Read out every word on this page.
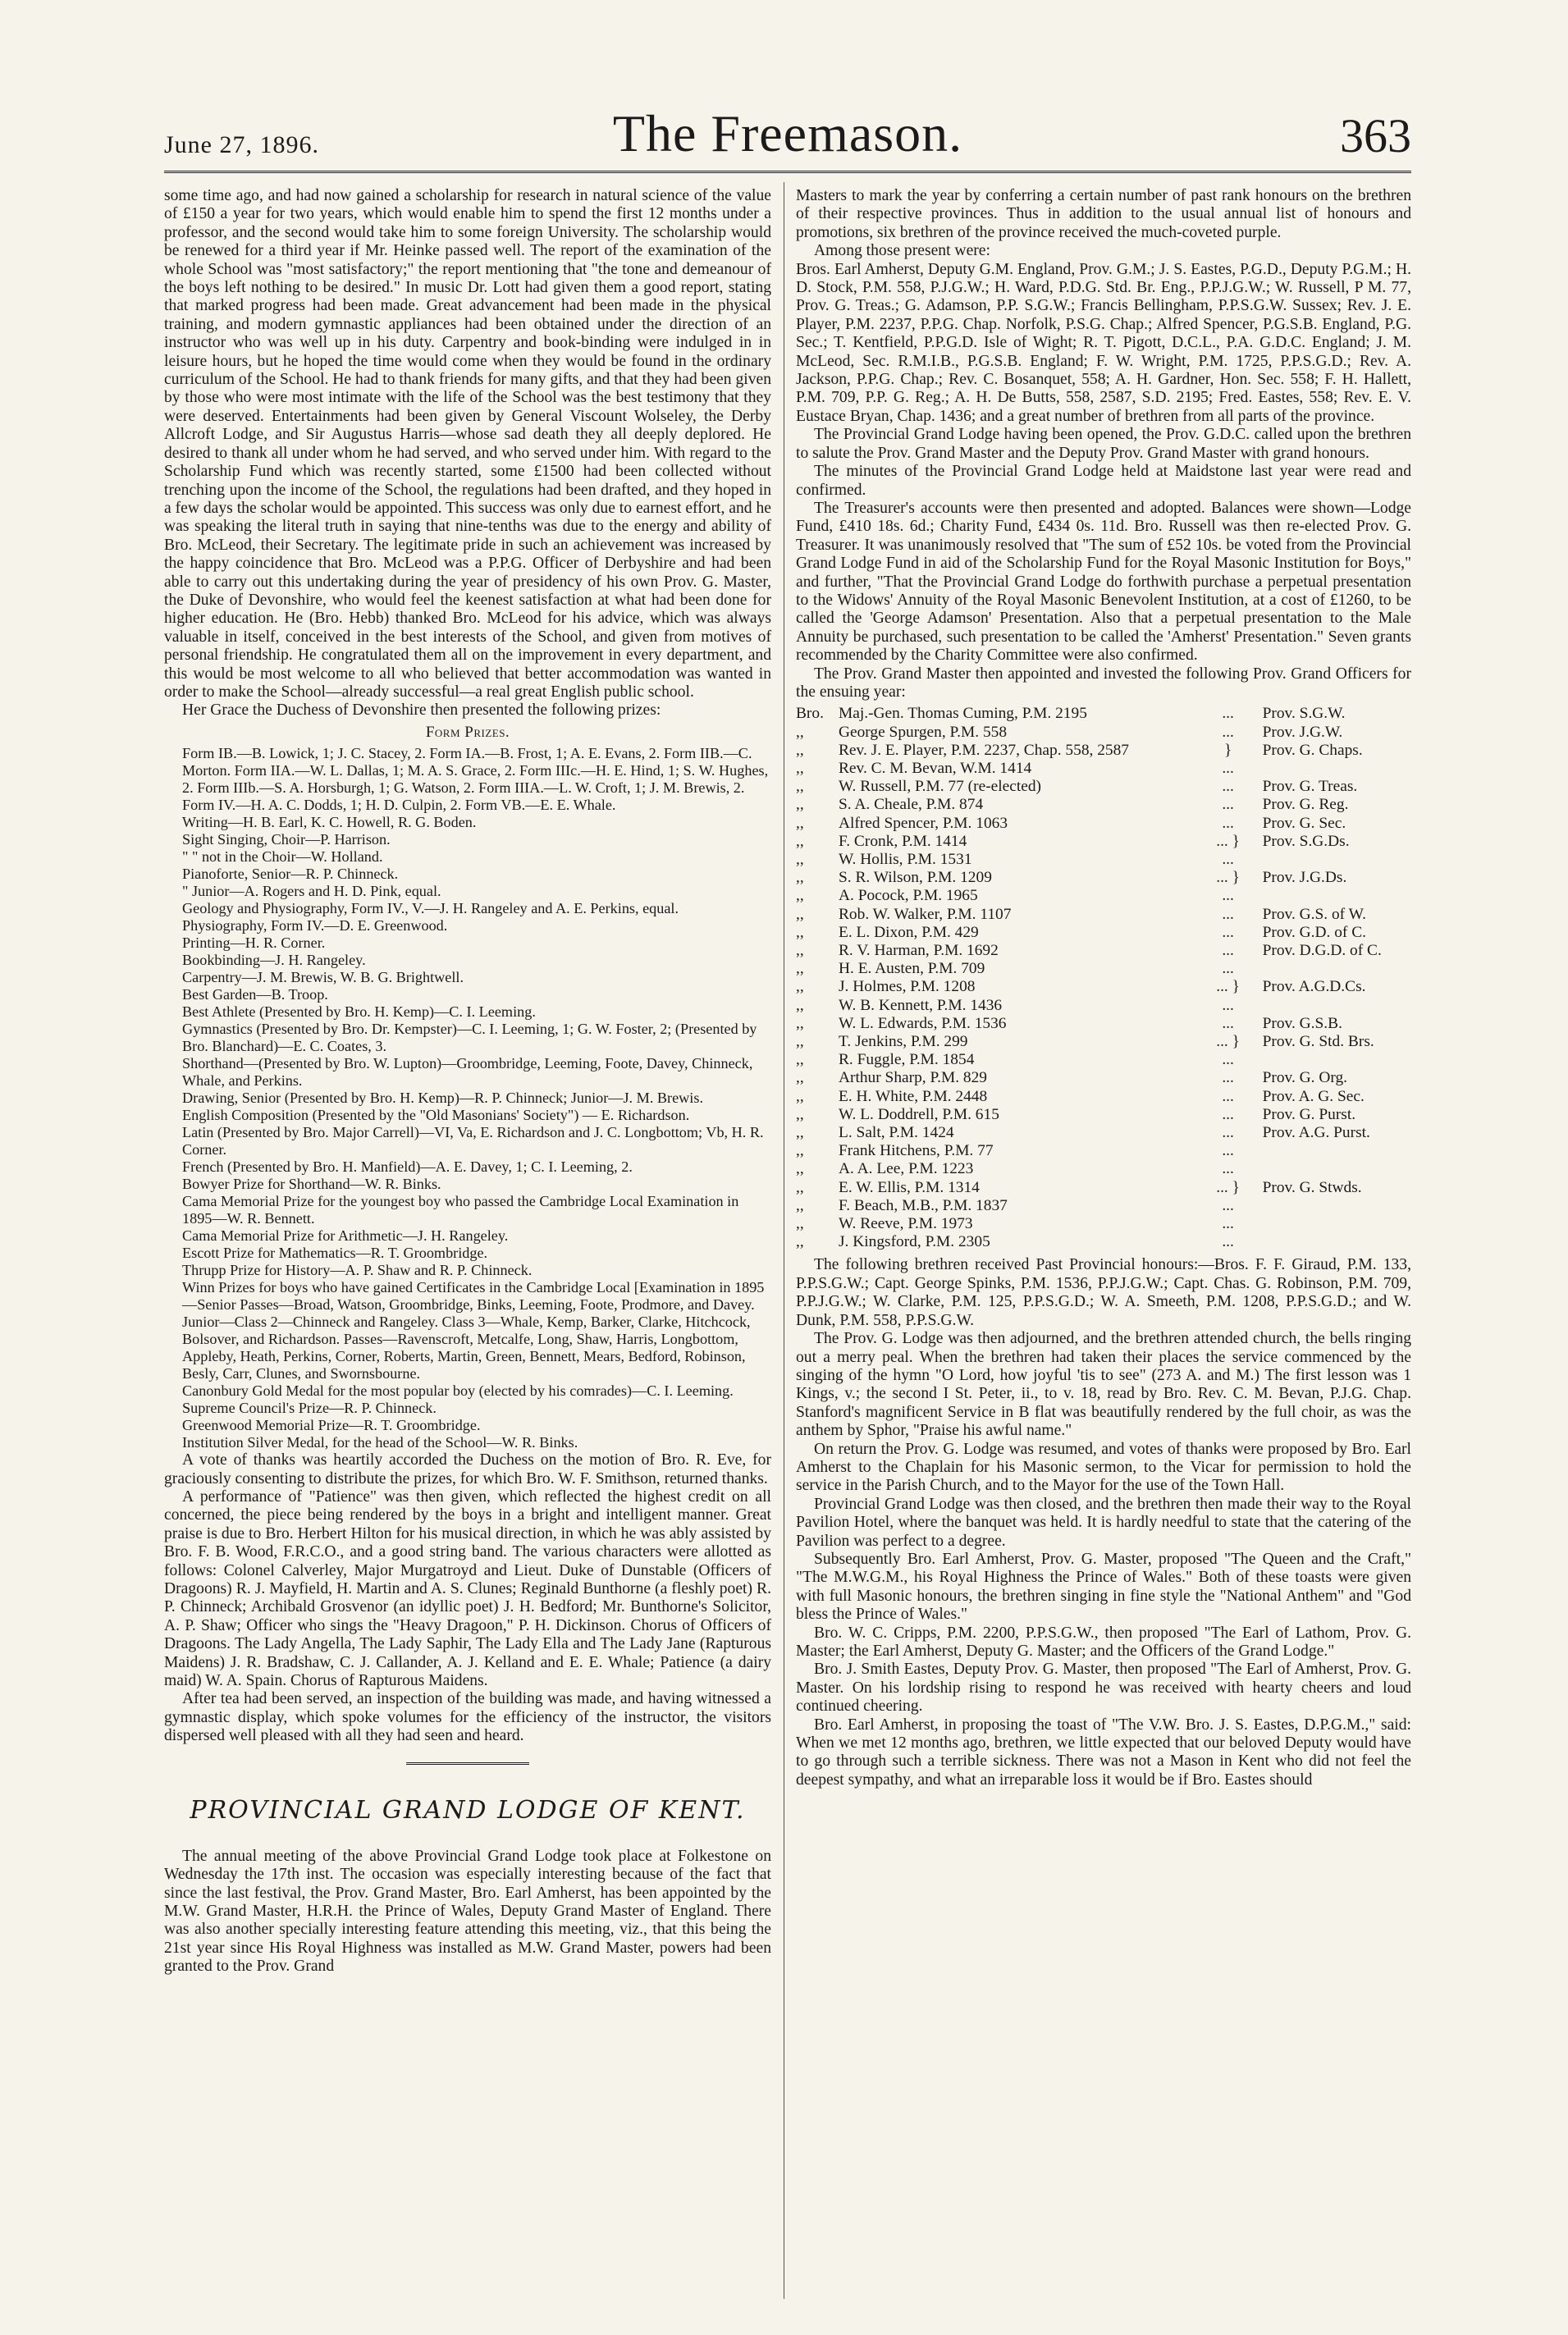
June 27, 1896.	The Freemason.	363

some time ago, and had now gained a scholarship for research in natural science of the value of £150 a year for two years, which would enable him to spend the first 12 months under a professor, and the second would take him to some foreign University. The scholarship would be renewed for a third year if Mr. Heinke passed well. The report of the examination of the whole School was "most satisfactory;" the report mentioning that "the tone and demeanour of the boys left nothing to be desired." In music Dr. Lott had given them a good report, stating that marked progress had been made. Great advancement had been made in the physical training, and modern gymnastic appliances had been obtained under the direction of an instructor who was well up in his duty. Carpentry and book-binding were indulged in in leisure hours, but he hoped the time would come when they would be found in the ordinary curriculum of the School. He had to thank friends for many gifts, and that they had been given by those who were most intimate with the life of the School was the best testimony that they were deserved. Entertainments had been given by General Viscount Wolseley, the Derby Allcroft Lodge, and Sir Augustus Harris—whose sad death they all deeply deplored. He desired to thank all under whom he had served, and who served under him. With regard to the Scholarship Fund which was recently started, some £1500 had been collected without trenching upon the income of the School, the regulations had been drafted, and they hoped in a few days the scholar would be appointed. This success was only due to earnest effort, and he was speaking the literal truth in saying that nine-tenths was due to the energy and ability of Bro. McLeod, their Secretary. The legitimate pride in such an achievement was increased by the happy coincidence that Bro. McLeod was a P.P.G. Officer of Derbyshire and had been able to carry out this undertaking during the year of presidency of his own Prov. G. Master, the Duke of Devonshire, who would feel the keenest satisfaction at what had been done for higher education. He (Bro. Hebb) thanked Bro. McLeod for his advice, which was always valuable in itself, conceived in the best interests of the School, and given from motives of personal friendship. He congratulated them all on the improvement in every department, and this would be most welcome to all who believed that better accommodation was wanted in order to make the School—already successful—a real great English public school.

Her Grace the Duchess of Devonshire then presented the following prizes:

Form Prizes.

Form IB.—B. Lowick, 1; J. C. Stacey, 2. Form IA.—B. Frost, 1; A. E. Evans, 2. Form IIB.—C. Morton. Form IIA.—W. L. Dallas, 1; M. A. S. Grace, 2. Form IIIc.—H. E. Hind, 1; S. W. Hughes, 2. Form IIIb.—S. A. Horsburgh, 1; G. Watson, 2. Form IIIA.—L. W. Croft, 1; J. M. Brewis, 2. Form IV.—H. A. C. Dodds, 1; H. D. Culpin, 2. Form VB.—E. E. Whale.

Writing—H. B. Earl, K. C. Howell, R. G. Boden.

Sight Singing, Choir—P. Harrison.

" " not in the Choir—W. Holland.

Pianoforte, Senior—R. P. Chinneck.

" Junior—A. Rogers and H. D. Pink, equal.

Geology and Physiography, Form IV., V.—J. H. Rangeley and A. E. Perkins, equal.

Physiography, Form IV.—D. E. Greenwood.

Printing—H. R. Corner.

Bookbinding—J. H. Rangeley.

Carpentry—J. M. Brewis, W. B. G. Brightwell.

Best Garden—B. Troop.

Best Athlete (Presented by Bro. H. Kemp)—C. I. Leeming.

Gymnastics (Presented by Bro. Dr. Kempster)—C. I. Leeming, 1; G. W. Foster, 2; (Presented by Bro. Blanchard)—E. C. Coates, 3.

Shorthand—(Presented by Bro. W. Lupton)—Groombridge, Leeming, Foote, Davey, Chinneck, Whale, and Perkins.

Drawing, Senior (Presented by Bro. H. Kemp)—R. P. Chinneck; Junior—J. M. Brewis.

English Composition (Presented by the "Old Masonians' Society") — E. Richardson.

Latin (Presented by Bro. Major Carrell)—VI, Va, E. Richardson and J. C. Longbottom; Vb, H. R. Corner.

French (Presented by Bro. H. Manfield)—A. E. Davey, 1; C. I. Leeming, 2.

Bowyer Prize for Shorthand—W. R. Binks.

Cama Memorial Prize for the youngest boy who passed the Cambridge Local Examination in 1895—W. R. Bennett.

Cama Memorial Prize for Arithmetic—J. H. Rangeley.

Escott Prize for Mathematics—R. T. Groombridge.

Thrupp Prize for History—A. P. Shaw and R. P. Chinneck.

Winn Prizes for boys who have gained Certificates in the Cambridge Local [Examination in 1895—Senior Passes—Broad, Watson, Groombridge, Binks, Leeming, Foote, Prodmore, and Davey. Junior—Class 2—Chinneck and Rangeley. Class 3—Whale, Kemp, Barker, Clarke, Hitchcock, Bolsover, and Richardson. Passes—Ravenscroft, Metcalfe, Long, Shaw, Harris, Longbottom, Appleby, Heath, Perkins, Corner, Roberts, Martin, Green, Bennett, Mears, Bedford, Robinson, Besly, Carr, Clunes, and Swornsbourne.

Canonbury Gold Medal for the most popular boy (elected by his comrades)—C. I. Leeming.

Supreme Council's Prize—R. P. Chinneck.

Greenwood Memorial Prize—R. T. Groombridge.

Institution Silver Medal, for the head of the School—W. R. Binks.

A vote of thanks was heartily accorded the Duchess on the motion of Bro. R. Eve, for graciously consenting to distribute the prizes, for which Bro. W. F. Smithson, returned thanks.

A performance of "Patience" was then given, which reflected the highest credit on all concerned, the piece being rendered by the boys in a bright and intelligent manner. Great praise is due to Bro. Herbert Hilton for his musical direction, in which he was ably assisted by Bro. F. B. Wood, F.R.C.O., and a good string band. The various characters were allotted as follows: Colonel Calverley, Major Murgatroyd and Lieut. Duke of Dunstable (Officers of Dragoons) R. J. Mayfield, H. Martin and A. S. Clunes; Reginald Bunthorne (a fleshly poet) R. P. Chinneck; Archibald Grosvenor (an idyllic poet) J. H. Bedford; Mr. Bunthorne's Solicitor, A. P. Shaw; Officer who sings the "Heavy Dragoon," P. H. Dickinson. Chorus of Officers of Dragoons. The Lady Angella, The Lady Saphir, The Lady Ella and The Lady Jane (Rapturous Maidens) J. R. Bradshaw, C. J. Callander, A. J. Kelland and E. E. Whale; Patience (a dairy maid) W. A. Spain. Chorus of Rapturous Maidens.

After tea had been served, an inspection of the building was made, and having witnessed a gymnastic display, which spoke volumes for the efficiency of the instructor, the visitors dispersed well pleased with all they had seen and heard.

PROVINCIAL GRAND LODGE OF KENT.

The annual meeting of the above Provincial Grand Lodge took place at Folkestone on Wednesday the 17th inst. The occasion was especially interesting because of the fact that since the last festival, the Prov. Grand Master, Bro. Earl Amherst, has been appointed by the M.W. Grand Master, H.R.H. the Prince of Wales, Deputy Grand Master of England. There was also another specially interesting feature attending this meeting, viz., that this being the 21st year since His Royal Highness was installed as M.W. Grand Master, powers had been granted to the Prov. Grand

Masters to mark the year by conferring a certain number of past rank honours on the brethren of their respective provinces. Thus in addition to the usual annual list of honours and promotions, six brethren of the province received the much-coveted purple.

Among those present were:

Bros. Earl Amherst, Deputy G.M. England, Prov. G.M.; J. S. Eastes, P.G.D., Deputy P.G.M.; H. D. Stock, P.M. 558, P.J.G.W.; H. Ward, P.D.G. Std. Br. Eng., P.P.J.G.W.; W. Russell, P M. 77, Prov. G. Treas.; G. Adamson, P.P. S.G.W.; Francis Bellingham, P.P.S.G.W. Sussex; Rev. J. E. Player, P.M. 2237, P.P.G. Chap. Norfolk, P.S.G. Chap.; Alfred Spencer, P.G.S.B. England, P.G. Sec.; T. Kentfield, P.P.G.D. Isle of Wight; R. T. Pigott, D.C.L., P.A. G.D.C. England; J. M. McLeod, Sec. R.M.I.B., P.G.S.B. England; F. W. Wright, P.M. 1725, P.P.S.G.D.; Rev. A. Jackson, P.P.G. Chap.; Rev. C. Bosanquet, 558; A. H. Gardner, Hon. Sec. 558; F. H. Hallett, P.M. 709, P.P. G. Reg.; A. H. De Butts, 558, 2587, S.D. 2195; Fred. Eastes, 558; Rev. E. V. Eustace Bryan, Chap. 1436; and a great number of brethren from all parts of the province.

The Provincial Grand Lodge having been opened, the Prov. G.D.C. called upon the brethren to salute the Prov. Grand Master and the Deputy Prov. Grand Master with grand honours.

The minutes of the Provincial Grand Lodge held at Maidstone last year were read and confirmed.

The Treasurer's accounts were then presented and adopted. Balances were shown—Lodge Fund, £410 18s. 6d.; Charity Fund, £434 0s. 11d. Bro. Russell was then re-elected Prov. G. Treasurer. It was unanimously resolved that "The sum of £52 10s. be voted from the Provincial Grand Lodge Fund in aid of the Scholarship Fund for the Royal Masonic Institution for Boys," and further, "That the Provincial Grand Lodge do forthwith purchase a perpetual presentation to the Widows' Annuity of the Royal Masonic Benevolent Institution, at a cost of £1260, to be called the 'George Adamson' Presentation. Also that a perpetual presentation to the Male Annuity be purchased, such presentation to be called the 'Amherst' Presentation." Seven grants recommended by the Charity Committee were also confirmed.

The Prov. Grand Master then appointed and invested the following Prov. Grand Officers for the ensuing year:

Bro.	Maj.-Gen. Thomas Cuming, P.M. 2195	...	Prov. S.G.W.
,,	George Spurgen, P.M. 558	...	Prov. J.G.W.
,,	Rev. J. E. Player, P.M. 2237, Chap. 558, 2587	}	Prov. G. Chaps.
,,	Rev. C. M. Bevan, W.M. 1414	...	
,,	W. Russell, P.M. 77 (re-elected)	...	Prov. G. Treas.
,,	S. A. Cheale, P.M. 874	...	Prov. G. Reg.
,,	Alfred Spencer, P.M. 1063	...	Prov. G. Sec.
,,	F. Cronk, P.M. 1414	... }	Prov. S.G.Ds.
,,	W. Hollis, P.M. 1531	...	
,,	S. R. Wilson, P.M. 1209	... }	Prov. J.G.Ds.
,,	A. Pocock, P.M. 1965	...	
,,	Rob. W. Walker, P.M. 1107	...	Prov. G.S. of W.
,,	E. L. Dixon, P.M. 429	...	Prov. G.D. of C.
,,	R. V. Harman, P.M. 1692	...	Prov. D.G.D. of C.
,,	H. E. Austen, P.M. 709	...	
,,	J. Holmes, P.M. 1208	... }	Prov. A.G.D.Cs.
,,	W. B. Kennett, P.M. 1436	...	
,,	W. L. Edwards, P.M. 1536	...	Prov. G.S.B.
,,	T. Jenkins, P.M. 299	... }	Prov. G. Std. Brs.
,,	R. Fuggle, P.M. 1854	...	
,,	Arthur Sharp, P.M. 829	...	Prov. G. Org.
,,	E. H. White, P.M. 2448	...	Prov. A. G. Sec.
,,	W. L. Doddrell, P.M. 615	...	Prov. G. Purst.
,,	L. Salt, P.M. 1424	...	Prov. A.G. Purst.
,,	Frank Hitchens, P.M. 77	...	
,,	A. A. Lee, P.M. 1223	...	
,,	E. W. Ellis, P.M. 1314	... }	Prov. G. Stwds.
,,	F. Beach, M.B., P.M. 1837	...	
,,	W. Reeve, P.M. 1973	...	
,,	J. Kingsford, P.M. 2305	...	

The following brethren received Past Provincial honours:—Bros. F. F. Giraud, P.M. 133, P.P.S.G.W.; Capt. George Spinks, P.M. 1536, P.P.J.G.W.; Capt. Chas. G. Robinson, P.M. 709, P.P.J.G.W.; W. Clarke, P.M. 125, P.P.S.G.D.; W. A. Smeeth, P.M. 1208, P.P.S.G.D.; and W. Dunk, P.M. 558, P.P.S.G.W.

The Prov. G. Lodge was then adjourned, and the brethren attended church, the bells ringing out a merry peal. When the brethren had taken their places the service commenced by the singing of the hymn "O Lord, how joyful 'tis to see" (273 A. and M.) The first lesson was 1 Kings, v.; the second I St. Peter, ii., to v. 18, read by Bro. Rev. C. M. Bevan, P.J.G. Chap. Stanford's magnificent Service in B flat was beautifully rendered by the full choir, as was the anthem by Sphor, "Praise his awful name."

On return the Prov. G. Lodge was resumed, and votes of thanks were proposed by Bro. Earl Amherst to the Chaplain for his Masonic sermon, to the Vicar for permission to hold the service in the Parish Church, and to the Mayor for the use of the Town Hall.

Provincial Grand Lodge was then closed, and the brethren then made their way to the Royal Pavilion Hotel, where the banquet was held. It is hardly needful to state that the catering of the Pavilion was perfect to a degree.

Subsequently Bro. Earl Amherst, Prov. G. Master, proposed "The Queen and the Craft," "The M.W.G.M., his Royal Highness the Prince of Wales." Both of these toasts were given with full Masonic honours, the brethren singing in fine style the "National Anthem" and "God bless the Prince of Wales."

Bro. W. C. Cripps, P.M. 2200, P.P.S.G.W., then proposed "The Earl of Lathom, Prov. G. Master; the Earl Amherst, Deputy G. Master; and the Officers of the Grand Lodge."

Bro. J. Smith Eastes, Deputy Prov. G. Master, then proposed "The Earl of Amherst, Prov. G. Master. On his lordship rising to respond he was received with hearty cheers and loud continued cheering.

Bro. Earl Amherst, in proposing the toast of "The V.W. Bro. J. S. Eastes, D.P.G.M.," said: When we met 12 months ago, brethren, we little expected that our beloved Deputy would have to go through such a terrible sickness. There was not a Mason in Kent who did not feel the deepest sympathy, and what an irreparable loss it would be if Bro. Eastes should
